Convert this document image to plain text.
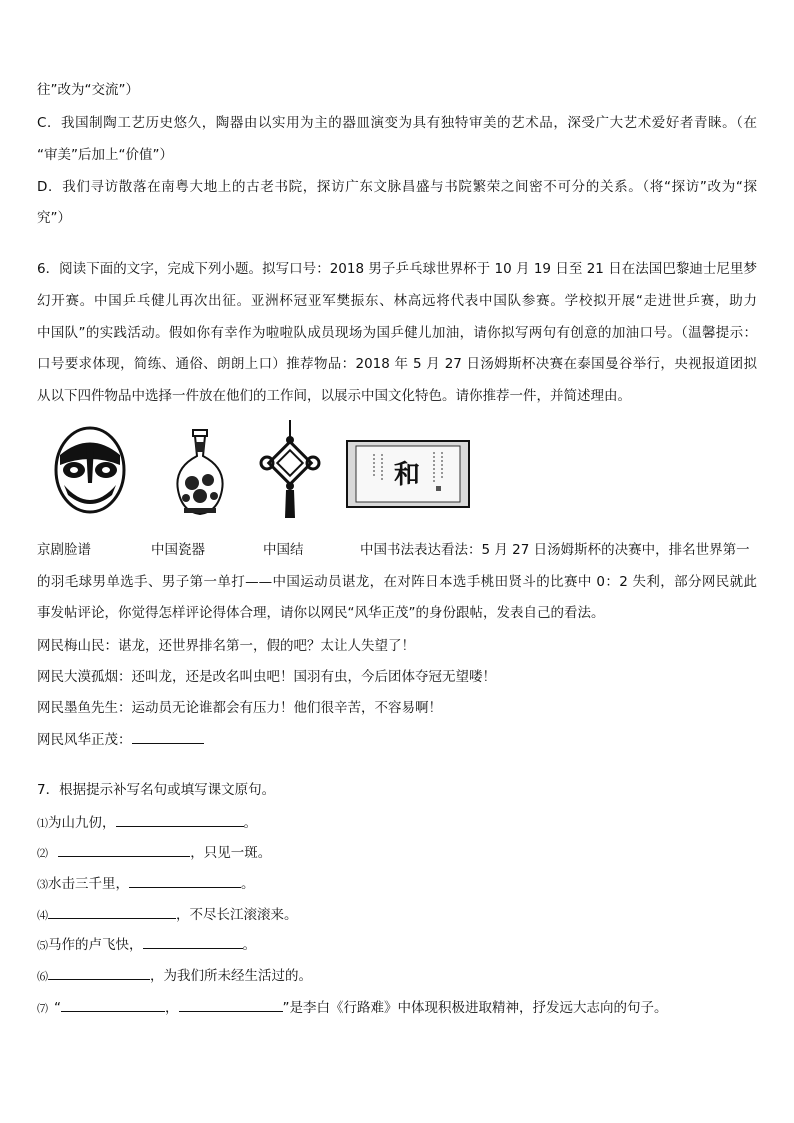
往”改为“交流”）
C．我国制陶工艺历史悠久，陶器由以实用为主的器皿演变为具有独特审美的艺术品，深受广大艺术爱好者青睐。（在
“审美”后加上“价值”）
D．我们寻访散落在南粤大地上的古老书院，探访广东文脉昌盛与书院繁荣之间密不可分的关系。（将“探访”改为“探
究”）
6．阅读下面的文字，完成下列小题。拟写口号：2018 男子乒乓球世界杯于 10 月 19 日至 21 日在法国巴黎迪士尼里梦
幻开赛。中国乒乓健儿再次出征。亚洲杯冠亚军樊振东、林高远将代表中国队参赛。学校拟开展“走进世乒赛，助力
中国队”的实践活动。假如你有幸作为啦啦队成员现场为国乒健儿加油，请你拟写两句有创意的加油口号。（温馨提示：
口号要求体现，简练、通俗、朗朗上口）推荐物品：2018 年 5 月 27 日汤姆斯杯决赛在泰国曼谷举行，央视报道团拟
从以下四件物品中选择一件放在他们的工作间，以展示中国文化特色。请你推荐一件，并简述理由。
和
京剧脸谱	中国瓷器	中国结	中国书法表达看法：5 月 27 日汤姆斯杯的决赛中，排名世界第一
的羽毛球男单选手、男子第一单打——中国运动员谌龙，在对阵日本选手桃田贤斗的比赛中 0：2 失利，部分网民就此
事发帖评论，你觉得怎样评论得体合理，请你以网民“风华正茂”的身份跟帖，发表自己的看法。
网民梅山民：谌龙，还世界排名第一，假的吧？太让人失望了！
网民大漠孤烟：还叫龙，还是改名叫虫吧！国羽有虫，今后团体夺冠无望喽！
网民墨鱼先生：运动员无论谁都会有压力！他们很辛苦，不容易啊！
网民风华正茂：
7．根据提示补写名句或填写课文原句。
⑴为山九仞，	。
⑵	，只见一斑。
⑶水击三千里，	。
⑷	，不尽长江滚滚来。
⑸马作的卢飞快，	。
⑹	，为我们所未经生活过的。
⑺ “	，	”是李白《行路难》中体现积极进取精神，抒发远大志向的句子。
